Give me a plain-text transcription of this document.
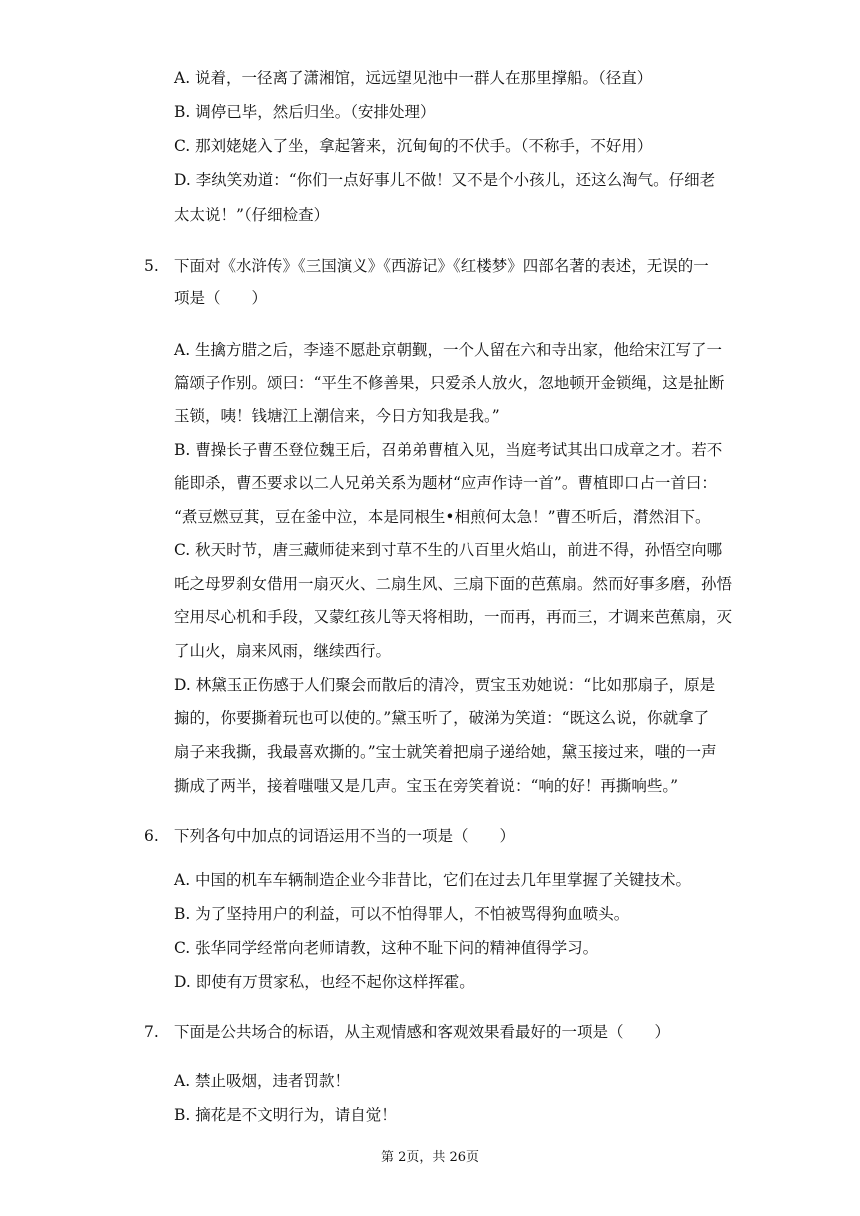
A. 说着，一径离了潇湘馆，远远望见池中一群人在那里撑船。（径直）
B. 调停已毕，然后归坐。（安排处理）
C. 那刘姥姥入了坐，拿起箸来，沉甸甸的不伏手。（不称手，不好用）
D. 李纨笑劝道：“你们一点好事儿不做！又不是个小孩儿，还这么淘气。仔细老
太太说！”（仔细检查）
5. 下面对《水浒传》《三国演义》《西游记》《红楼梦》四部名著的表述，无误的一
项是（　　）
A. 生擒方腊之后，李逵不愿赴京朝觐，一个人留在六和寺出家，他给宋江写了一
篇颂子作别。颂曰：“平生不修善果，只爱杀人放火，忽地顿开金锁绳，这是扯断
玉锁，咦！钱塘江上潮信来，今日方知我是我。”
B. 曹操长子曹丕登位魏王后，召弟弟曹植入见，当庭考试其出口成章之才。若不
能即杀，曹丕要求以二人兄弟关系为题材“应声作诗一首”。曹植即口占一首曰：
“煮豆燃豆萁，豆在釜中泣，本是同根生•相煎何太急！”曹丕听后，潸然泪下。
C. 秋天时节，唐三藏师徒来到寸草不生的八百里火焰山，前进不得，孙悟空向哪
吒之母罗刹女借用一扇灭火、二扇生风、三扇下面的芭蕉扇。然而好事多磨，孙悟
空用尽心机和手段，又蒙红孩儿等天将相助，一而再，再而三，才调来芭蕉扇，灭
了山火，扇来风雨，继续西行。
D. 林黛玉正伤感于人们聚会而散后的清冷，贾宝玉劝她说：“比如那扇子，原是
搧的，你要撕着玩也可以使的。”黛玉听了，破涕为笑道：“既这么说，你就拿了
扇子来我撕，我最喜欢撕的。”宝士就笑着把扇子递给她，黛玉接过来，嗤的一声
撕成了两半，接着嗤嗤又是几声。宝玉在旁笑着说：“响的好！再撕响些。”
6. 下列各句中加点的词语运用不当的一项是（　　）
A. 中国的机车车辆制造企业今非昔比，它们在过去几年里掌握了关键技术。
B. 为了坚持用户的利益，可以不怕得罪人，不怕被骂得狗血喷头。
C. 张华同学经常向老师请教，这种不耻下问的精神值得学习。
D. 即使有万贯家私，也经不起你这样挥霍。
7. 下面是公共场合的标语，从主观情感和客观效果看最好的一项是（　　）
A. 禁止吸烟，违者罚款！
B. 摘花是不文明行为，请自觉！
第 2页，共 26页
